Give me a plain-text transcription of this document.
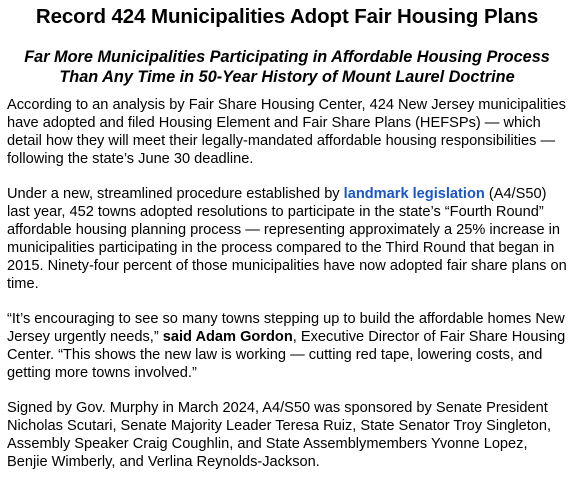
Record 424 Municipalities Adopt Fair Housing Plans
Far More Municipalities Participating in Affordable Housing Process Than Any Time in 50-Year History of Mount Laurel Doctrine

According to an analysis by Fair Share Housing Center, 424 New Jersey municipalities have adopted and filed Housing Element and Fair Share Plans (HEFSPs) — which detail how they will meet their legally-mandated affordable housing responsibilities — following the state’s June 30 deadline.

Under a new, streamlined procedure established by landmark legislation (A4/S50) last year, 452 towns adopted resolutions to participate in the state’s “Fourth Round” affordable housing planning process — representing approximately a 25% increase in municipalities participating in the process compared to the Third Round that began in 2015. Ninety-four percent of those municipalities have now adopted fair share plans on time.

“It’s encouraging to see so many towns stepping up to build the affordable homes New Jersey urgently needs,” said Adam Gordon, Executive Director of Fair Share Housing Center. “This shows the new law is working — cutting red tape, lowering costs, and getting more towns involved.”

Signed by Gov. Murphy in March 2024, A4/S50 was sponsored by Senate President Nicholas Scutari, Senate Majority Leader Teresa Ruiz, State Senator Troy Singleton, Assembly Speaker Craig Coughlin, and State Assemblymembers Yvonne Lopez, Benjie Wimberly, and Verlina Reynolds-Jackson.
